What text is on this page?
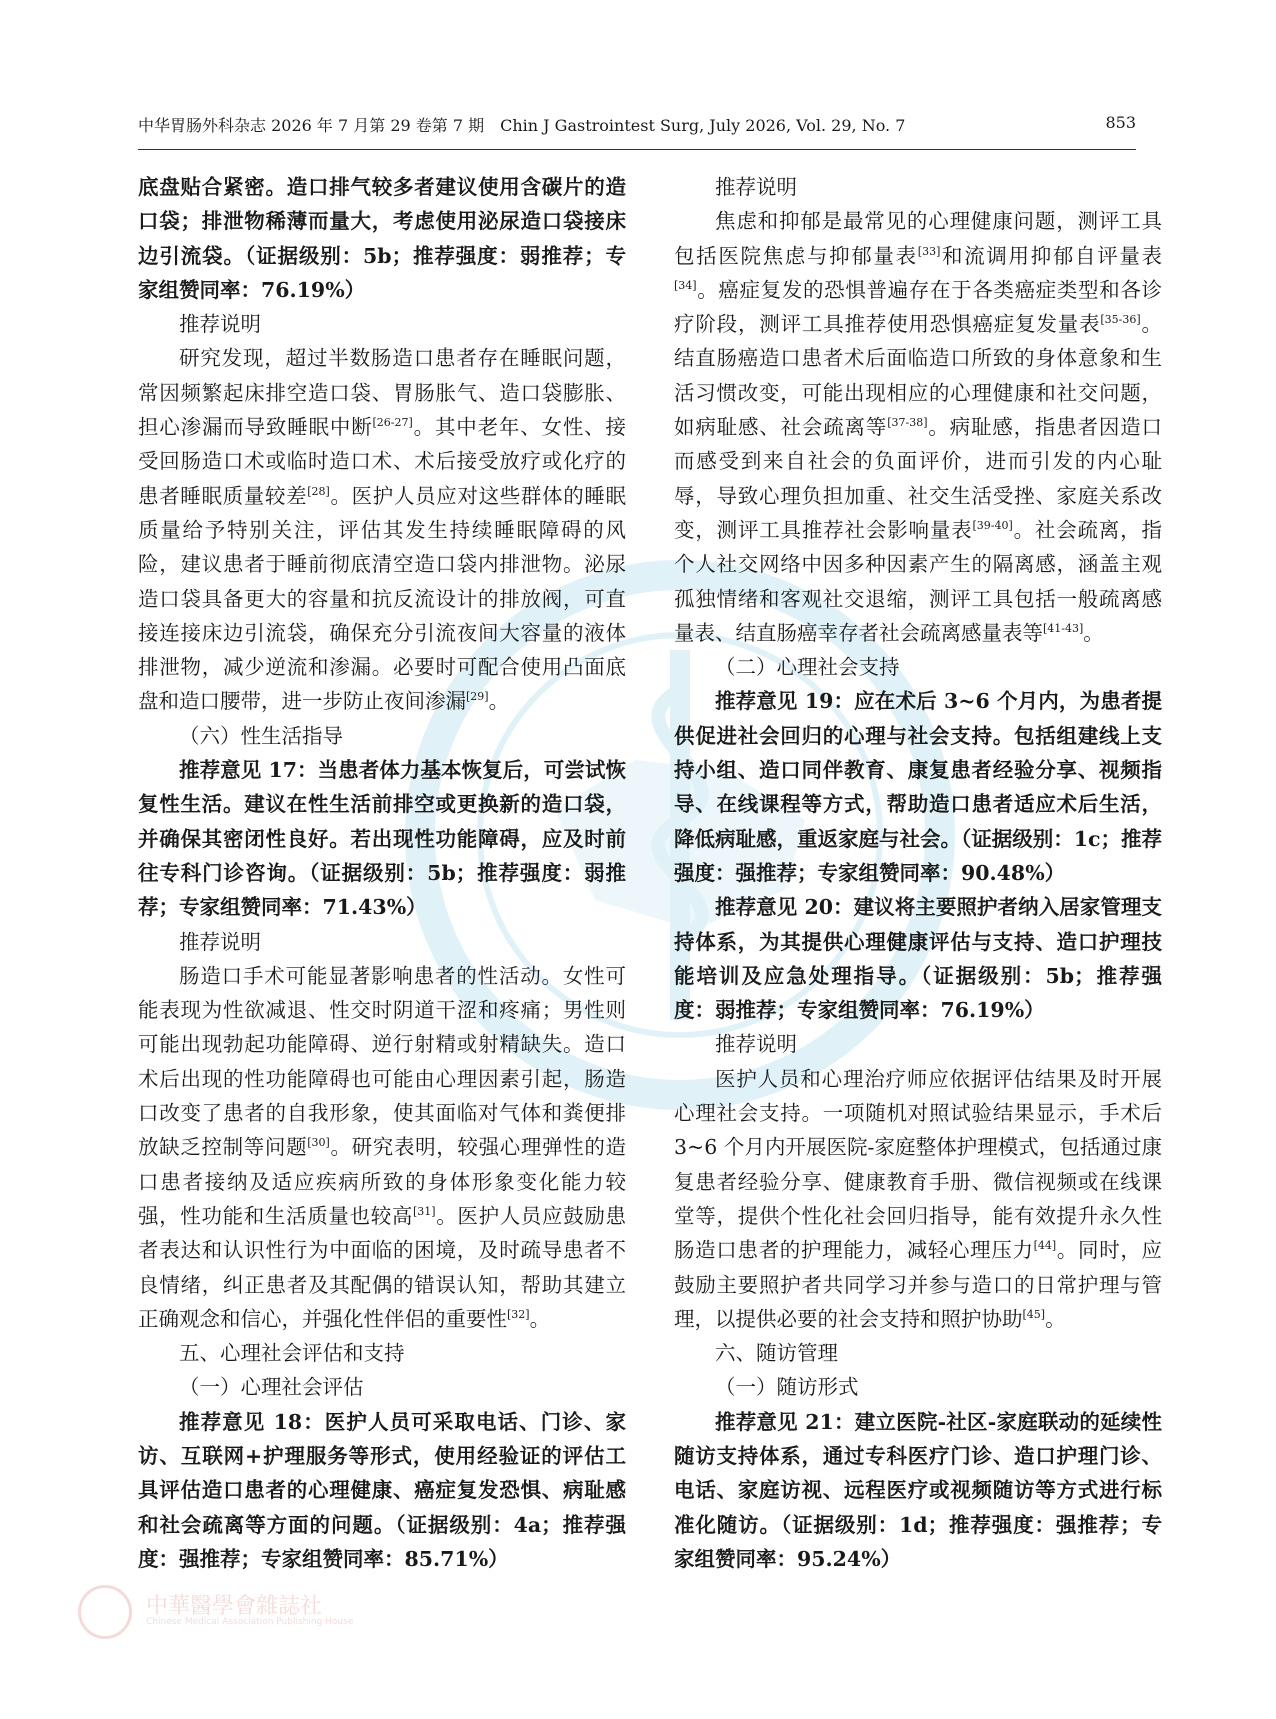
中华胃肠外科杂志 2026 年 7 月第 29 卷第 7 期　Chin J Gastrointest Surg, July 2026, Vol. 29, No. 7	853

底盘贴合紧密。造口排气较多者建议使用含碳片的造口袋；排泄物稀薄而量大，考虑使用泌尿造口袋接床边引流袋。（证据级别：5b；推荐强度：弱推荐；专家组赞同率：76.19%）

推荐说明

研究发现，超过半数肠造口患者存在睡眠问题，常因频繁起床排空造口袋、胃肠胀气、造口袋膨胀、担心渗漏而导致睡眠中断[26-27]。其中老年、女性、接受回肠造口术或临时造口术、术后接受放疗或化疗的患者睡眠质量较差[28]。医护人员应对这些群体的睡眠质量给予特别关注，评估其发生持续睡眠障碍的风险，建议患者于睡前彻底清空造口袋内排泄物。泌尿造口袋具备更大的容量和抗反流设计的排放阀，可直接连接床边引流袋，确保充分引流夜间大容量的液体排泄物，减少逆流和渗漏。必要时可配合使用凸面底盘和造口腰带，进一步防止夜间渗漏[29]。

（六）性生活指导

推荐意见 17：当患者体力基本恢复后，可尝试恢复性生活。建议在性生活前排空或更换新的造口袋，并确保其密闭性良好。若出现性功能障碍，应及时前往专科门诊咨询。（证据级别：5b；推荐强度：弱推荐；专家组赞同率：71.43%）

推荐说明

肠造口手术可能显著影响患者的性活动。女性可能表现为性欲减退、性交时阴道干涩和疼痛；男性则可能出现勃起功能障碍、逆行射精或射精缺失。造口术后出现的性功能障碍也可能由心理因素引起，肠造口改变了患者的自我形象，使其面临对气体和粪便排放缺乏控制等问题[30]。研究表明，较强心理弹性的造口患者接纳及适应疾病所致的身体形象变化能力较强，性功能和生活质量也较高[31]。医护人员应鼓励患者表达和认识性行为中面临的困境，及时疏导患者不良情绪，纠正患者及其配偶的错误认知，帮助其建立正确观念和信心，并强化性伴侣的重要性[32]。

五、心理社会评估和支持

（一）心理社会评估

推荐意见 18：医护人员可采取电话、门诊、家访、互联网+护理服务等形式，使用经验证的评估工具评估造口患者的心理健康、癌症复发恐惧、病耻感和社会疏离等方面的问题。（证据级别：4a；推荐强度：强推荐；专家组赞同率：85.71%）

推荐说明

焦虑和抑郁是最常见的心理健康问题，测评工具包括医院焦虑与抑郁量表[33]和流调用抑郁自评量表[34]。癌症复发的恐惧普遍存在于各类癌症类型和各诊疗阶段，测评工具推荐使用恐惧癌症复发量表[35-36]。结直肠癌造口患者术后面临造口所致的身体意象和生活习惯改变，可能出现相应的心理健康和社交问题，如病耻感、社会疏离等[37-38]。病耻感，指患者因造口而感受到来自社会的负面评价，进而引发的内心耻辱，导致心理负担加重、社交生活受挫、家庭关系改变，测评工具推荐社会影响量表[39-40]。社会疏离，指个人社交网络中因多种因素产生的隔离感，涵盖主观孤独情绪和客观社交退缩，测评工具包括一般疏离感量表、结直肠癌幸存者社会疏离感量表等[41-43]。

（二）心理社会支持

推荐意见 19：应在术后 3~6 个月内，为患者提供促进社会回归的心理与社会支持。包括组建线上支持小组、造口同伴教育、康复患者经验分享、视频指导、在线课程等方式，帮助造口患者适应术后生活，降低病耻感，重返家庭与社会。（证据级别：1c；推荐强度：强推荐；专家组赞同率：90.48%）

推荐意见 20：建议将主要照护者纳入居家管理支持体系，为其提供心理健康评估与支持、造口护理技能培训及应急处理指导。（证据级别：5b；推荐强度：弱推荐；专家组赞同率：76.19%）

推荐说明

医护人员和心理治疗师应依据评估结果及时开展心理社会支持。一项随机对照试验结果显示，手术后 3~6 个月内开展医院-家庭整体护理模式，包括通过康复患者经验分享、健康教育手册、微信视频或在线课堂等，提供个性化社会回归指导，能有效提升永久性肠造口患者的护理能力，减轻心理压力[44]。同时，应鼓励主要照护者共同学习并参与造口的日常护理与管理，以提供必要的社会支持和照护协助[45]。

六、随访管理

（一）随访形式

推荐意见 21：建立医院-社区-家庭联动的延续性随访支持体系，通过专科医疗门诊、造口护理门诊、电话、家庭访视、远程医疗或视频随访等方式进行标准化随访。（证据级别：1d；推荐强度：强推荐；专家组赞同率：95.24%）

中華醫學會雜誌社
Chinese Medical Association Publishing House
